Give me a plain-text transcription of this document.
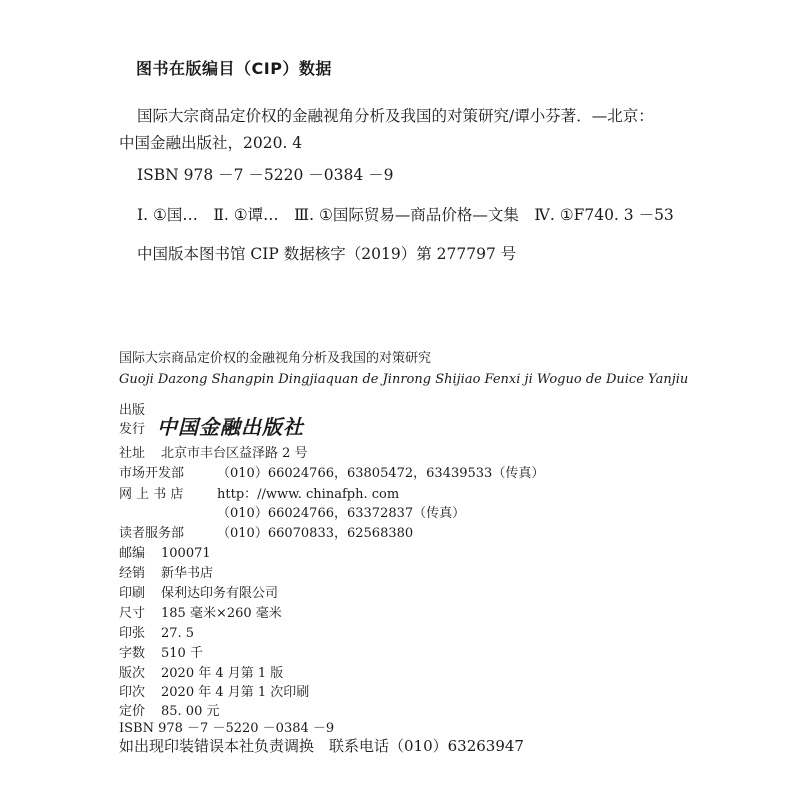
图书在版编目（CIP）数据
国际大宗商品定价权的金融视角分析及我国的对策研究/谭小芬著．—北京：
中国金融出版社，2020. 4
ISBN 978 －7 －5220 －0384 －9
Ⅰ. ①国…　Ⅱ. ①谭…　Ⅲ. ①国际贸易—商品价格—文集　Ⅳ. ①F740. 3 －53
中国版本图书馆 CIP 数据核字（2019）第 277797 号
国际大宗商品定价权的金融视角分析及我国的对策研究
Guoji Dazong Shangpin Dingjiaquan de Jinrong Shijiao Fenxi ji Woguo de Duice Yanjiu
出版
发行 中国金融出版社
社址 北京市丰台区益泽路 2 号
市场开发部	（010）66024766，63805472，63439533（传真）
网 上 书 店	http：//www. chinafph. com
（010）66024766，63372837（传真）
读者服务部	（010）66070833，62568380
邮编 100071
经销 新华书店
印刷 保利达印务有限公司
尺寸 185 毫米×260 毫米
印张 27. 5
字数 510 千
版次 2020 年 4 月第 1 版
印次 2020 年 4 月第 1 次印刷
定价 85. 00 元
ISBN 978 －7 －5220 －0384 －9
如出现印装错误本社负责调换　联系电话（010）63263947
